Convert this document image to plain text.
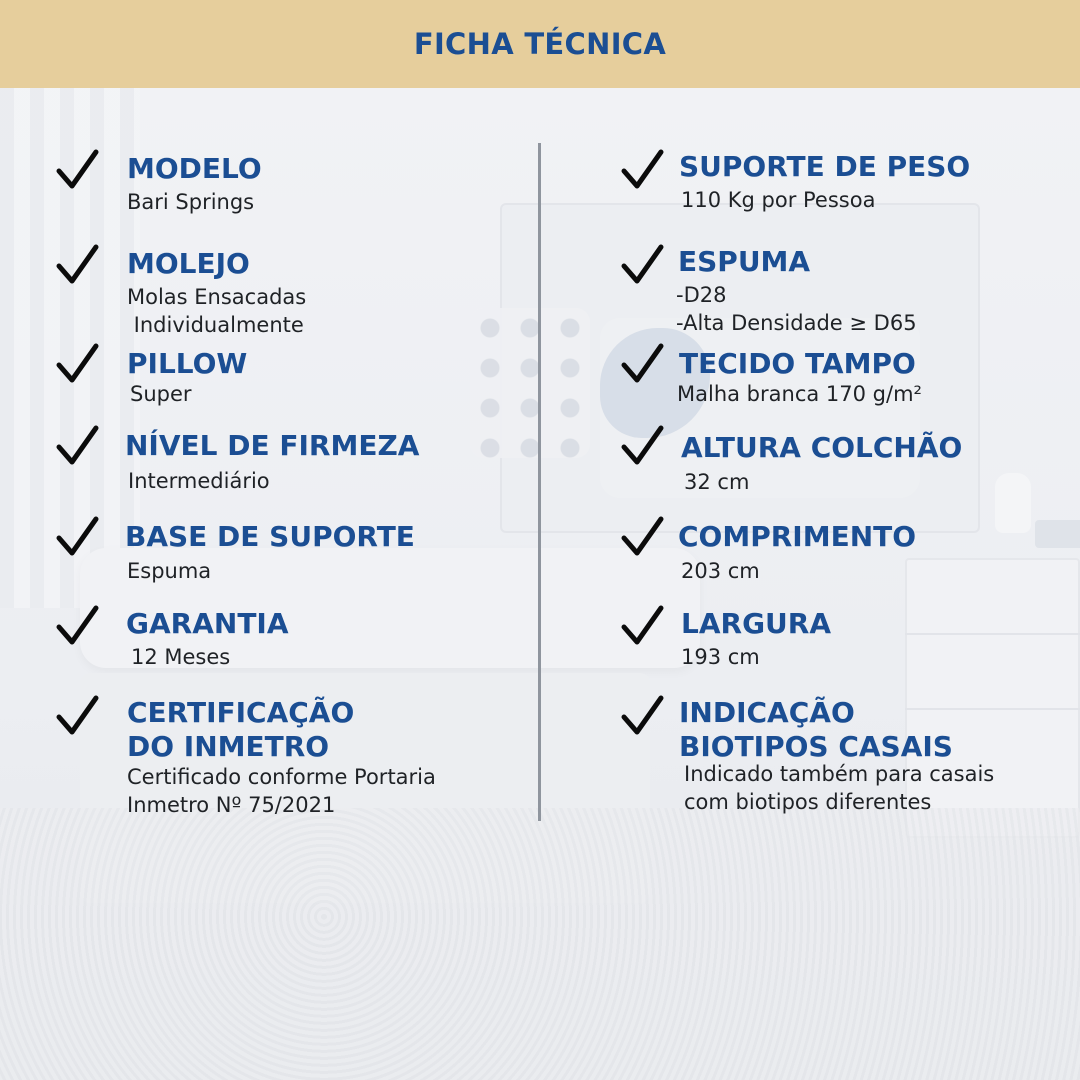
FICHA TÉCNICA
MODELO
Bari Springs
MOLEJO
Molas Ensacadas
Individualmente
PILLOW
Super
NÍVEL DE FIRMEZA
Intermediário
BASE DE SUPORTE
Espuma
GARANTIA
12 Meses
CERTIFICAÇÃO
DO INMETRO
Certificado conforme Portaria
Inmetro Nº 75/2021
SUPORTE DE PESO
110 Kg por Pessoa
ESPUMA
-D28
-Alta Densidade ≥ D65
TECIDO TAMPO
Malha branca 170 g/m²
ALTURA COLCHÃO
32 cm
COMPRIMENTO
203 cm
LARGURA
193 cm
INDICAÇÃO
BIOTIPOS CASAIS
Indicado também para casais
com biotipos diferentes
